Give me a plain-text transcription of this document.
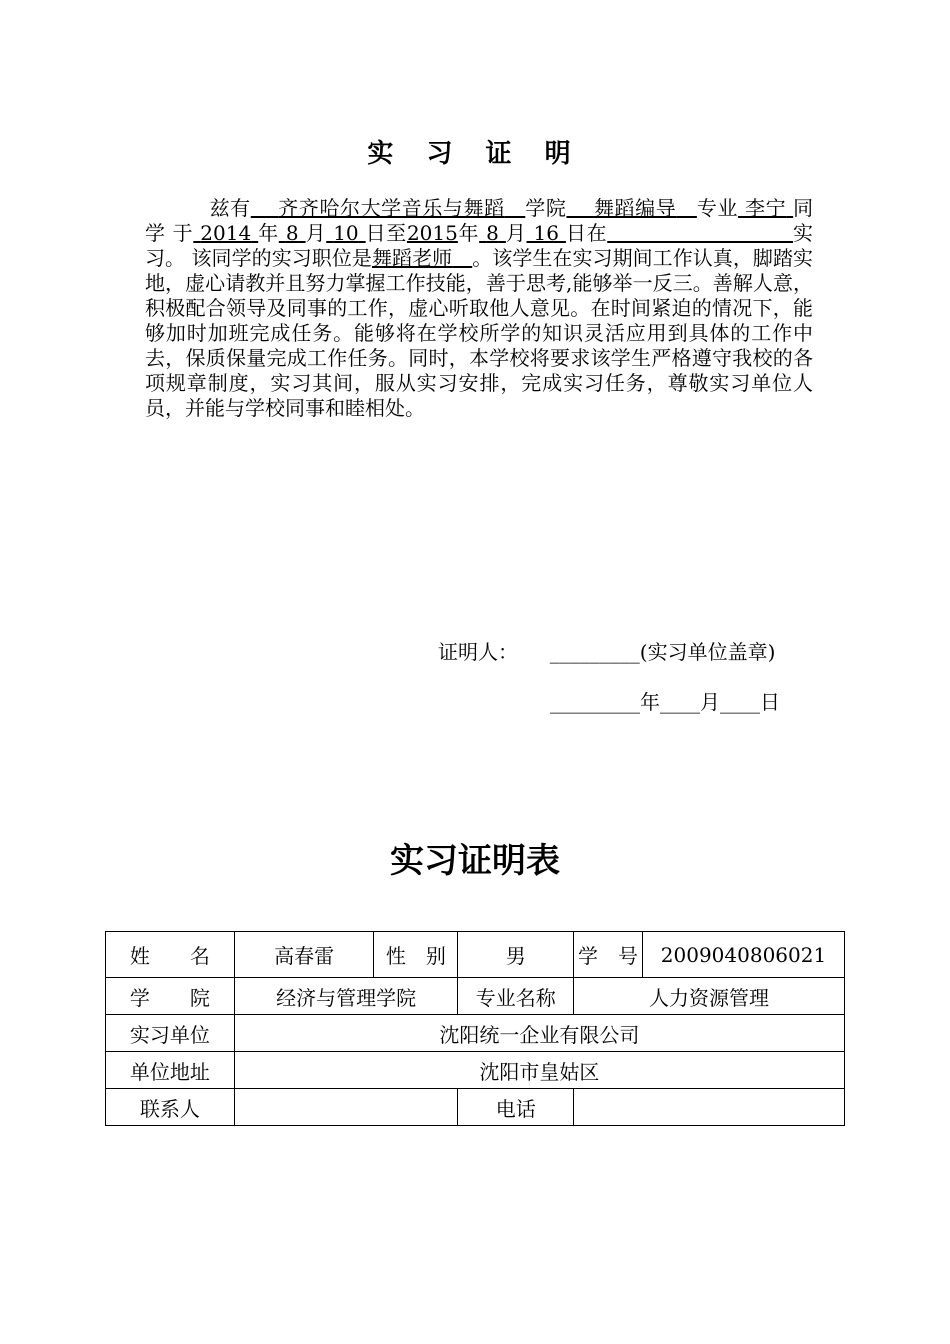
实 习 证 明
兹有　 齐齐哈尔大学音乐与舞蹈　 学院　 舞蹈编导　 专业 李宁 同学 于 2014 年 8 月 10 日至2015年 8 月 16 日在　　　　　　　　　	实习。 该同学的实习职位是舞蹈老师　 。该学生在实习期间工作认真，脚踏实地，虚心请教并且努力掌握工作技能，善于思考,能够举一反三。善解人意，积极配合领导及同事的工作，虚心听取他人意见。在时间紧迫的情况下，能够加时加班完成任务。能够将在学校所学的知识灵活应用到具体的工作中去，保质保量完成工作任务。同时，本学校将要求该学生严格遵守我校的各项规章制度，实习其间，服从实习安排，完成实习任务，尊敬实习单位人员，并能与学校同事和睦相处。
证明人： _________(实习单位盖章)
_________年____月____日
实习证明表
姓　　名	高春雷	性　别	男	学　号	2009040806021
学　　院	经济与管理学院		专业名称	人力资源管理	
实习单位	沈阳统一企业有限公司				
单位地址	沈阳市皇姑区				
联系人			电话		
